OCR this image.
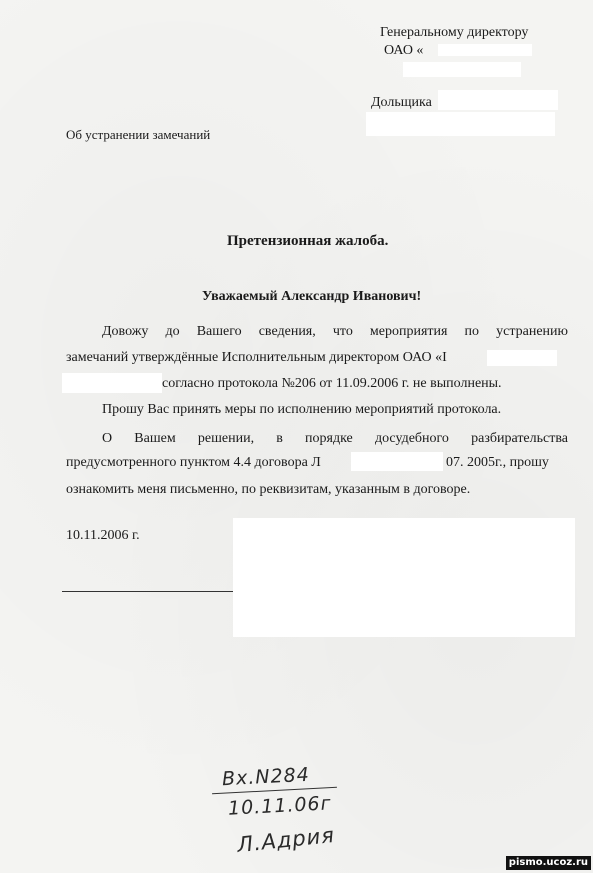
Генеральному директору
ОАО «
Дольщика
Об устранении замечаний
Претензионная жалоба.
Уважаемый Александр Иванович!
Довожу до Вашего сведения, что мероприятия по устранению
замечаний утверждённые Исполнительным директором ОАО «I
согласно протокола №206 от 11.09.2006 г. не выполнены.
Прошу Вас принять меры по исполнению мероприятий протокола.
О Вашем решении, в порядке досудебного разбирательства
предусмотренного пунктом 4.4 договора Л	07. 2005г., прошу
ознакомить меня письменно, по реквизитам, указанным в договоре.
10.11.2006 г.
Вх.N284
10.11.06г
Л.Адрия
pismo.ucoz.ru
